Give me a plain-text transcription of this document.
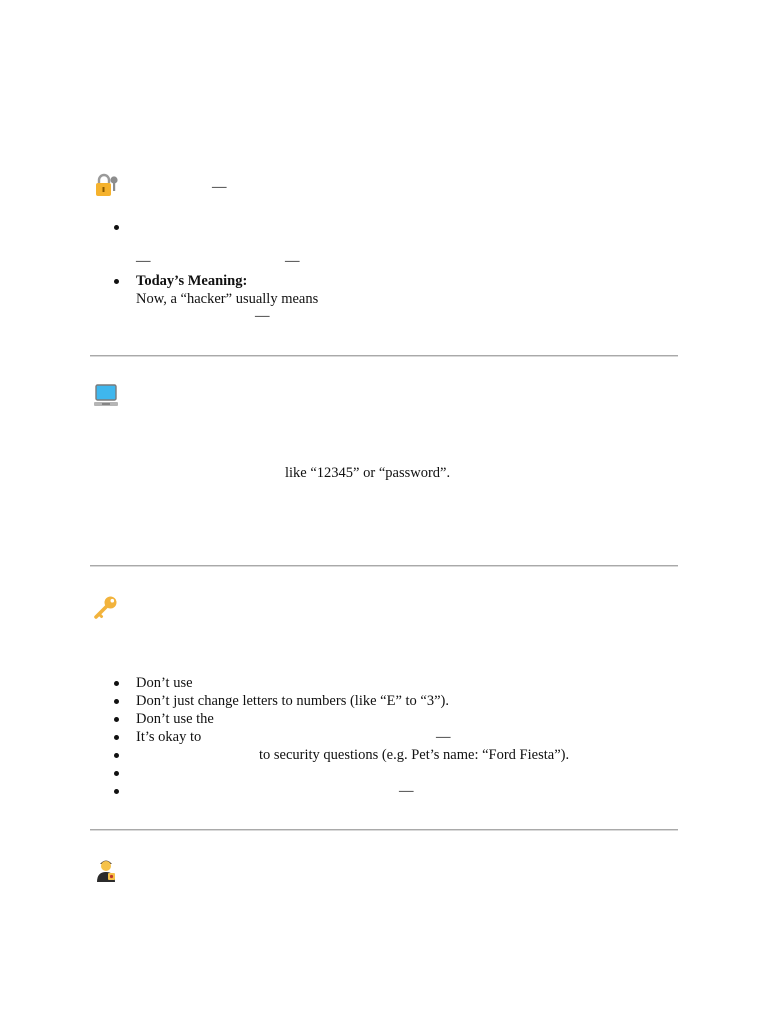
—
—	—
Today’s Meaning:
Now, a “hacker” usually means
—
like “12345” or “password”.
Don’t use
Don’t just change letters to numbers (like “E” to “3”).
Don’t use the
It’s okay to	—
to security questions (e.g. Pet’s name: “Ford Fiesta”).
—
